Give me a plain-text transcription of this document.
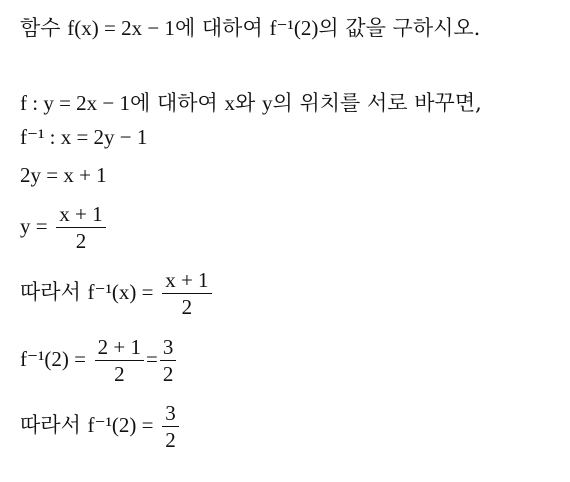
함수 f(x) = 2x − 1에 대하여 f⁻¹(2)의 값을 구하시오.
f : y = 2x − 1에 대하여 x와 y의 위치를 서로 바꾸면,
f⁻¹ : x = 2y − 1
2y = x + 1
$y = \frac{x + 1}{2}$
따라서 $f^{-1}(x) = \frac{x + 1}{2}$
$f^{-1}(2) = \frac{2 + 1}{2} = \frac{3}{2}$
따라서 $f^{-1}(2) = \frac{3}{2}$
